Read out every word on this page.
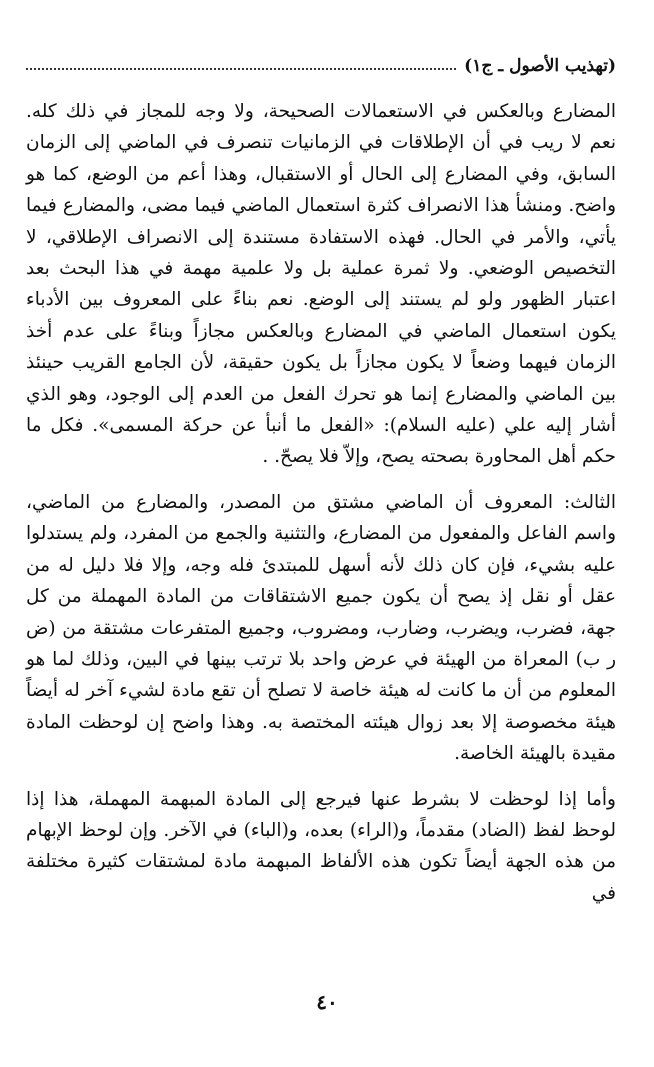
(تهذيب الأصول ـ ج١)

المضارع وبالعكس في الاستعمالات الصحيحة، ولا وجه للمجاز في ذلك كله. نعم لا ريب في أن الإطلاقات في الزمانيات تنصرف في الماضي إلى الزمان السابق، وفي المضارع إلى الحال أو الاستقبال، وهذا أعم من الوضع، كما هو واضح. ومنشأ هذا الانصراف كثرة استعمال الماضي فيما مضى، والمضارع فيما يأتي، والأمر في الحال. فهذه الاستفادة مستندة إلى الانصراف الإطلاقي، لا التخصيص الوضعي. ولا ثمرة عملية بل ولا علمية مهمة في هذا البحث بعد اعتبار الظهور ولو لم يستند إلى الوضع. نعم بناءً على المعروف بين الأدباء يكون استعمال الماضي في المضارع وبالعكس مجازاً وبناءً على عدم أخذ الزمان فيهما وضعاً لا يكون مجازاً بل يكون حقيقة، لأن الجامع القريب حينئذ بين الماضي والمضارع إنما هو تحرك الفعل من العدم إلى الوجود، وهو الذي أشار إليه علي (عليه السلام): «الفعل ما أنبأ عن حركة المسمى». فكل ما حكم أهل المحاورة بصحته يصح، وإلاّ فلا يصحّ. .

الثالث: المعروف أن الماضي مشتق من المصدر، والمضارع من الماضي، واسم الفاعل والمفعول من المضارع، والتثنية والجمع من المفرد، ولم يستدلوا عليه بشيء، فإن كان ذلك لأنه أسهل للمبتدئ فله وجه، وإلا فلا دليل له من عقل أو نقل إذ يصح أن يكون جميع الاشتقاقات من المادة المهملة من كل جهة، فضرب، ويضرب، وضارب، ومضروب، وجميع المتفرعات مشتقة من (ض ر ب) المعراة من الهيئة في عرض واحد بلا ترتب بينها في البين، وذلك لما هو المعلوم من أن ما كانت له هيئة خاصة لا تصلح أن تقع مادة لشيء آخر له أيضاً هيئة مخصوصة إلا بعد زوال هيئته المختصة به. وهذا واضح إن لوحظت المادة مقيدة بالهيئة الخاصة.

وأما إذا لوحظت لا بشرط عنها فيرجع إلى المادة المبهمة المهملة، هذا إذا لوحظ لفظ (الضاد) مقدماً، و(الراء) بعده، و(الباء) في الآخر. وإن لوحظ الإبهام من هذه الجهة أيضاً تكون هذه الألفاظ المبهمة مادة لمشتقات كثيرة مختلفة في

٤٠
